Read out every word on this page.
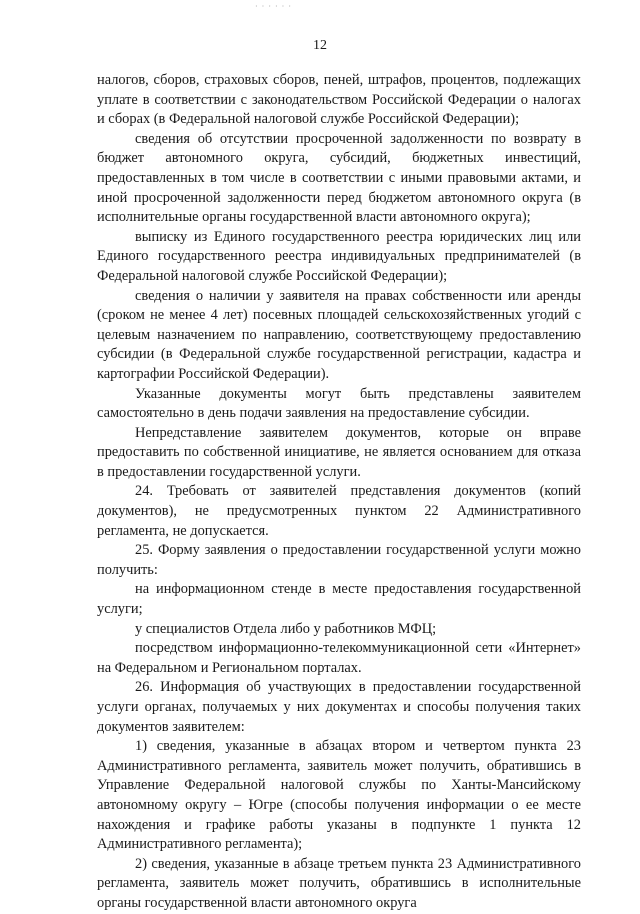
· · · · · ·
12

налогов, сборов, страховых сборов, пеней, штрафов, процентов, подлежащих уплате в соответствии с законодательством Российской Федерации о налогах и сборах (в Федеральной налоговой службе Российской Федерации);

сведения об отсутствии просроченной задолженности по возврату в бюджет автономного округа, субсидий, бюджетных инвестиций, предоставленных в том числе в соответствии с иными правовыми актами, и иной просроченной задолженности перед бюджетом автономного округа (в исполнительные органы государственной власти автономного округа);

выписку из Единого государственного реестра юридических лиц или Единого государственного реестра индивидуальных предпринимателей (в Федеральной налоговой службе Российской Федерации);

сведения о наличии у заявителя на правах собственности или аренды (сроком не менее 4 лет) посевных площадей сельскохозяйственных угодий с целевым назначением по направлению, соответствующему предоставлению субсидии (в Федеральной службе государственной регистрации, кадастра и картографии Российской Федерации).

Указанные документы могут быть представлены заявителем самостоятельно в день подачи заявления на предоставление субсидии.

Непредставление заявителем документов, которые он вправе предоставить по собственной инициативе, не является основанием для отказа в предоставлении государственной услуги.

24. Требовать от заявителей представления документов (копий документов), не предусмотренных пунктом 22 Административного регламента, не допускается.

25. Форму заявления о предоставлении государственной услуги можно получить:

на информационном стенде в месте предоставления государственной услуги;

у специалистов Отдела либо у работников МФЦ;

посредством информационно-телекоммуникационной сети «Интернет» на Федеральном и Региональном порталах.

26. Информация об участвующих в предоставлении государственной услуги органах, получаемых у них документах и способы получения таких документов заявителем:

1) сведения, указанные в абзацах втором и четвертом пункта 23 Административного регламента, заявитель может получить, обратившись в Управление Федеральной налоговой службы по Ханты-Мансийскому автономному округу – Югре (способы получения информации о ее месте нахождения и графике работы указаны в подпункте 1 пункта 12 Административного регламента);

2) сведения, указанные в абзаце третьем пункта 23 Административного регламента, заявитель может получить, обратившись в исполнительные органы государственной власти автономного округа
